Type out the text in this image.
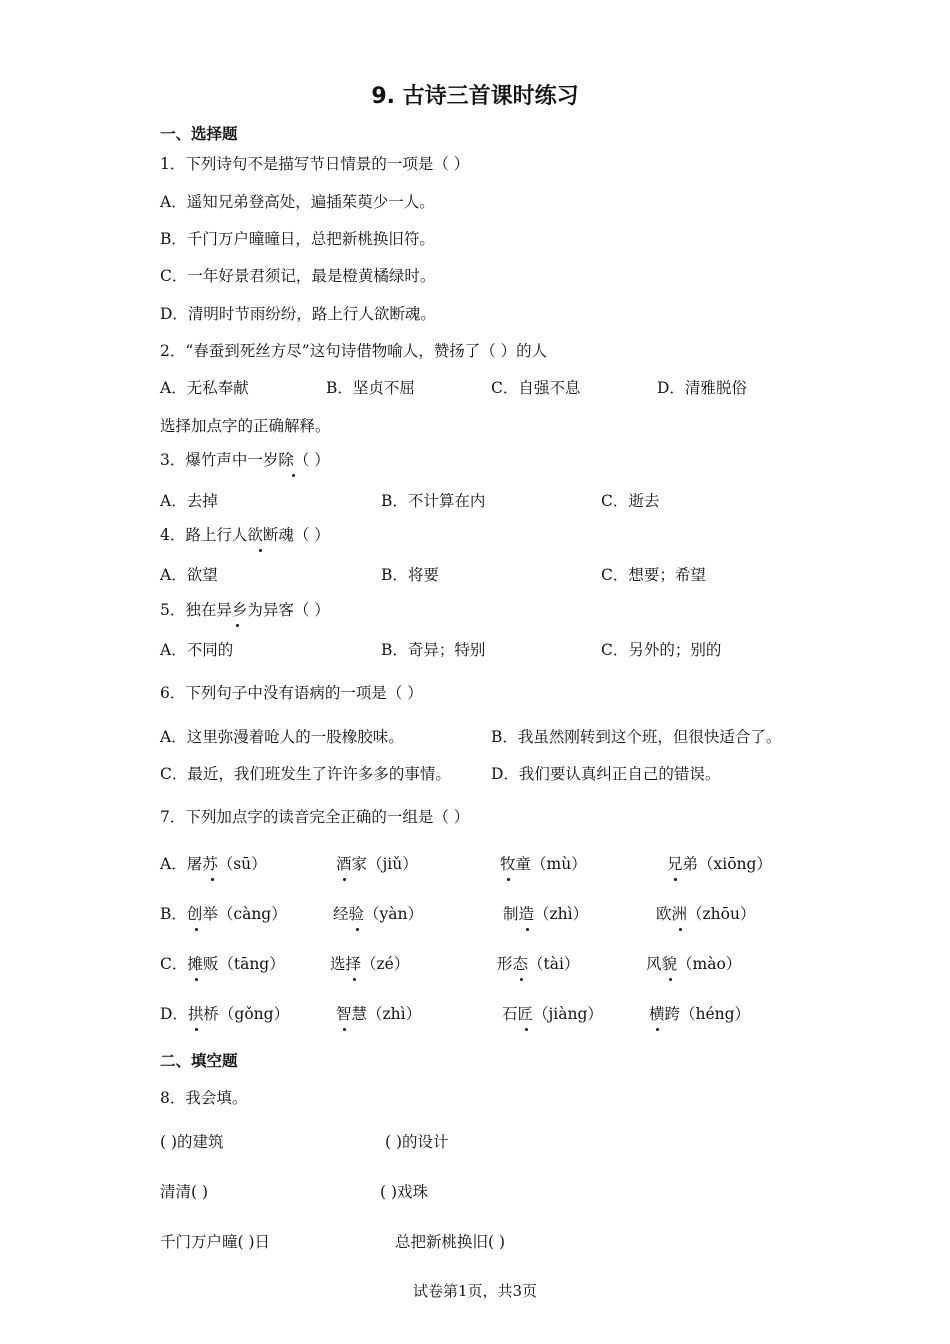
9. 古诗三首课时练习
一、选择题
1．下列诗句不是描写节日情景的一项是（ ）
A．遥知兄弟登高处，遍插茱萸少一人。
B．千门万户曈曈日，总把新桃换旧符。
C．一年好景君须记，最是橙黄橘绿时。
D．清明时节雨纷纷，路上行人欲断魂。
2．“春蚕到死丝方尽”这句诗借物喻人，赞扬了（ ）的人
A．无私奉献	B．坚贞不屈	C．自强不息	D．清雅脱俗
选择加点字的正确解释。
3．爆竹声中一岁除（ ）
A．去掉	B．不计算在内	C．逝去
4．路上行人欲断魂（ ）
A．欲望	B．将要	C．想要；希望
5．独在异乡为异客（ ）
A．不同的	B．奇异；特别	C．另外的；别的
6．下列句子中没有语病的一项是（ ）
A．这里弥漫着呛人的一股橡胶味。	B．我虽然刚转到这个班，但很快适合了。
C．最近，我们班发生了许许多多的事情。	D．我们要认真纠正自己的错误。
7．下列加点字的读音完全正确的一组是（ ）
A．屠苏（sū）	酒家（jiǔ）	牧童（mù）	兄弟（xiōng）
B．创举（càng）	经验（yàn）	制造（zhì）	欧洲（zhōu）
C．摊贩（tāng）	选择（zé）	形态（tài）	风貌（mào）
D．拱桥（gǒng）	智慧（zhì）	石匠（jiàng）	横跨（héng）
二、填空题
8．我会填。
( )的建筑	( )的设计
清清( )	( )戏珠
千门万户曈( )日	总把新桃换旧( )
试卷第1页，共3页
